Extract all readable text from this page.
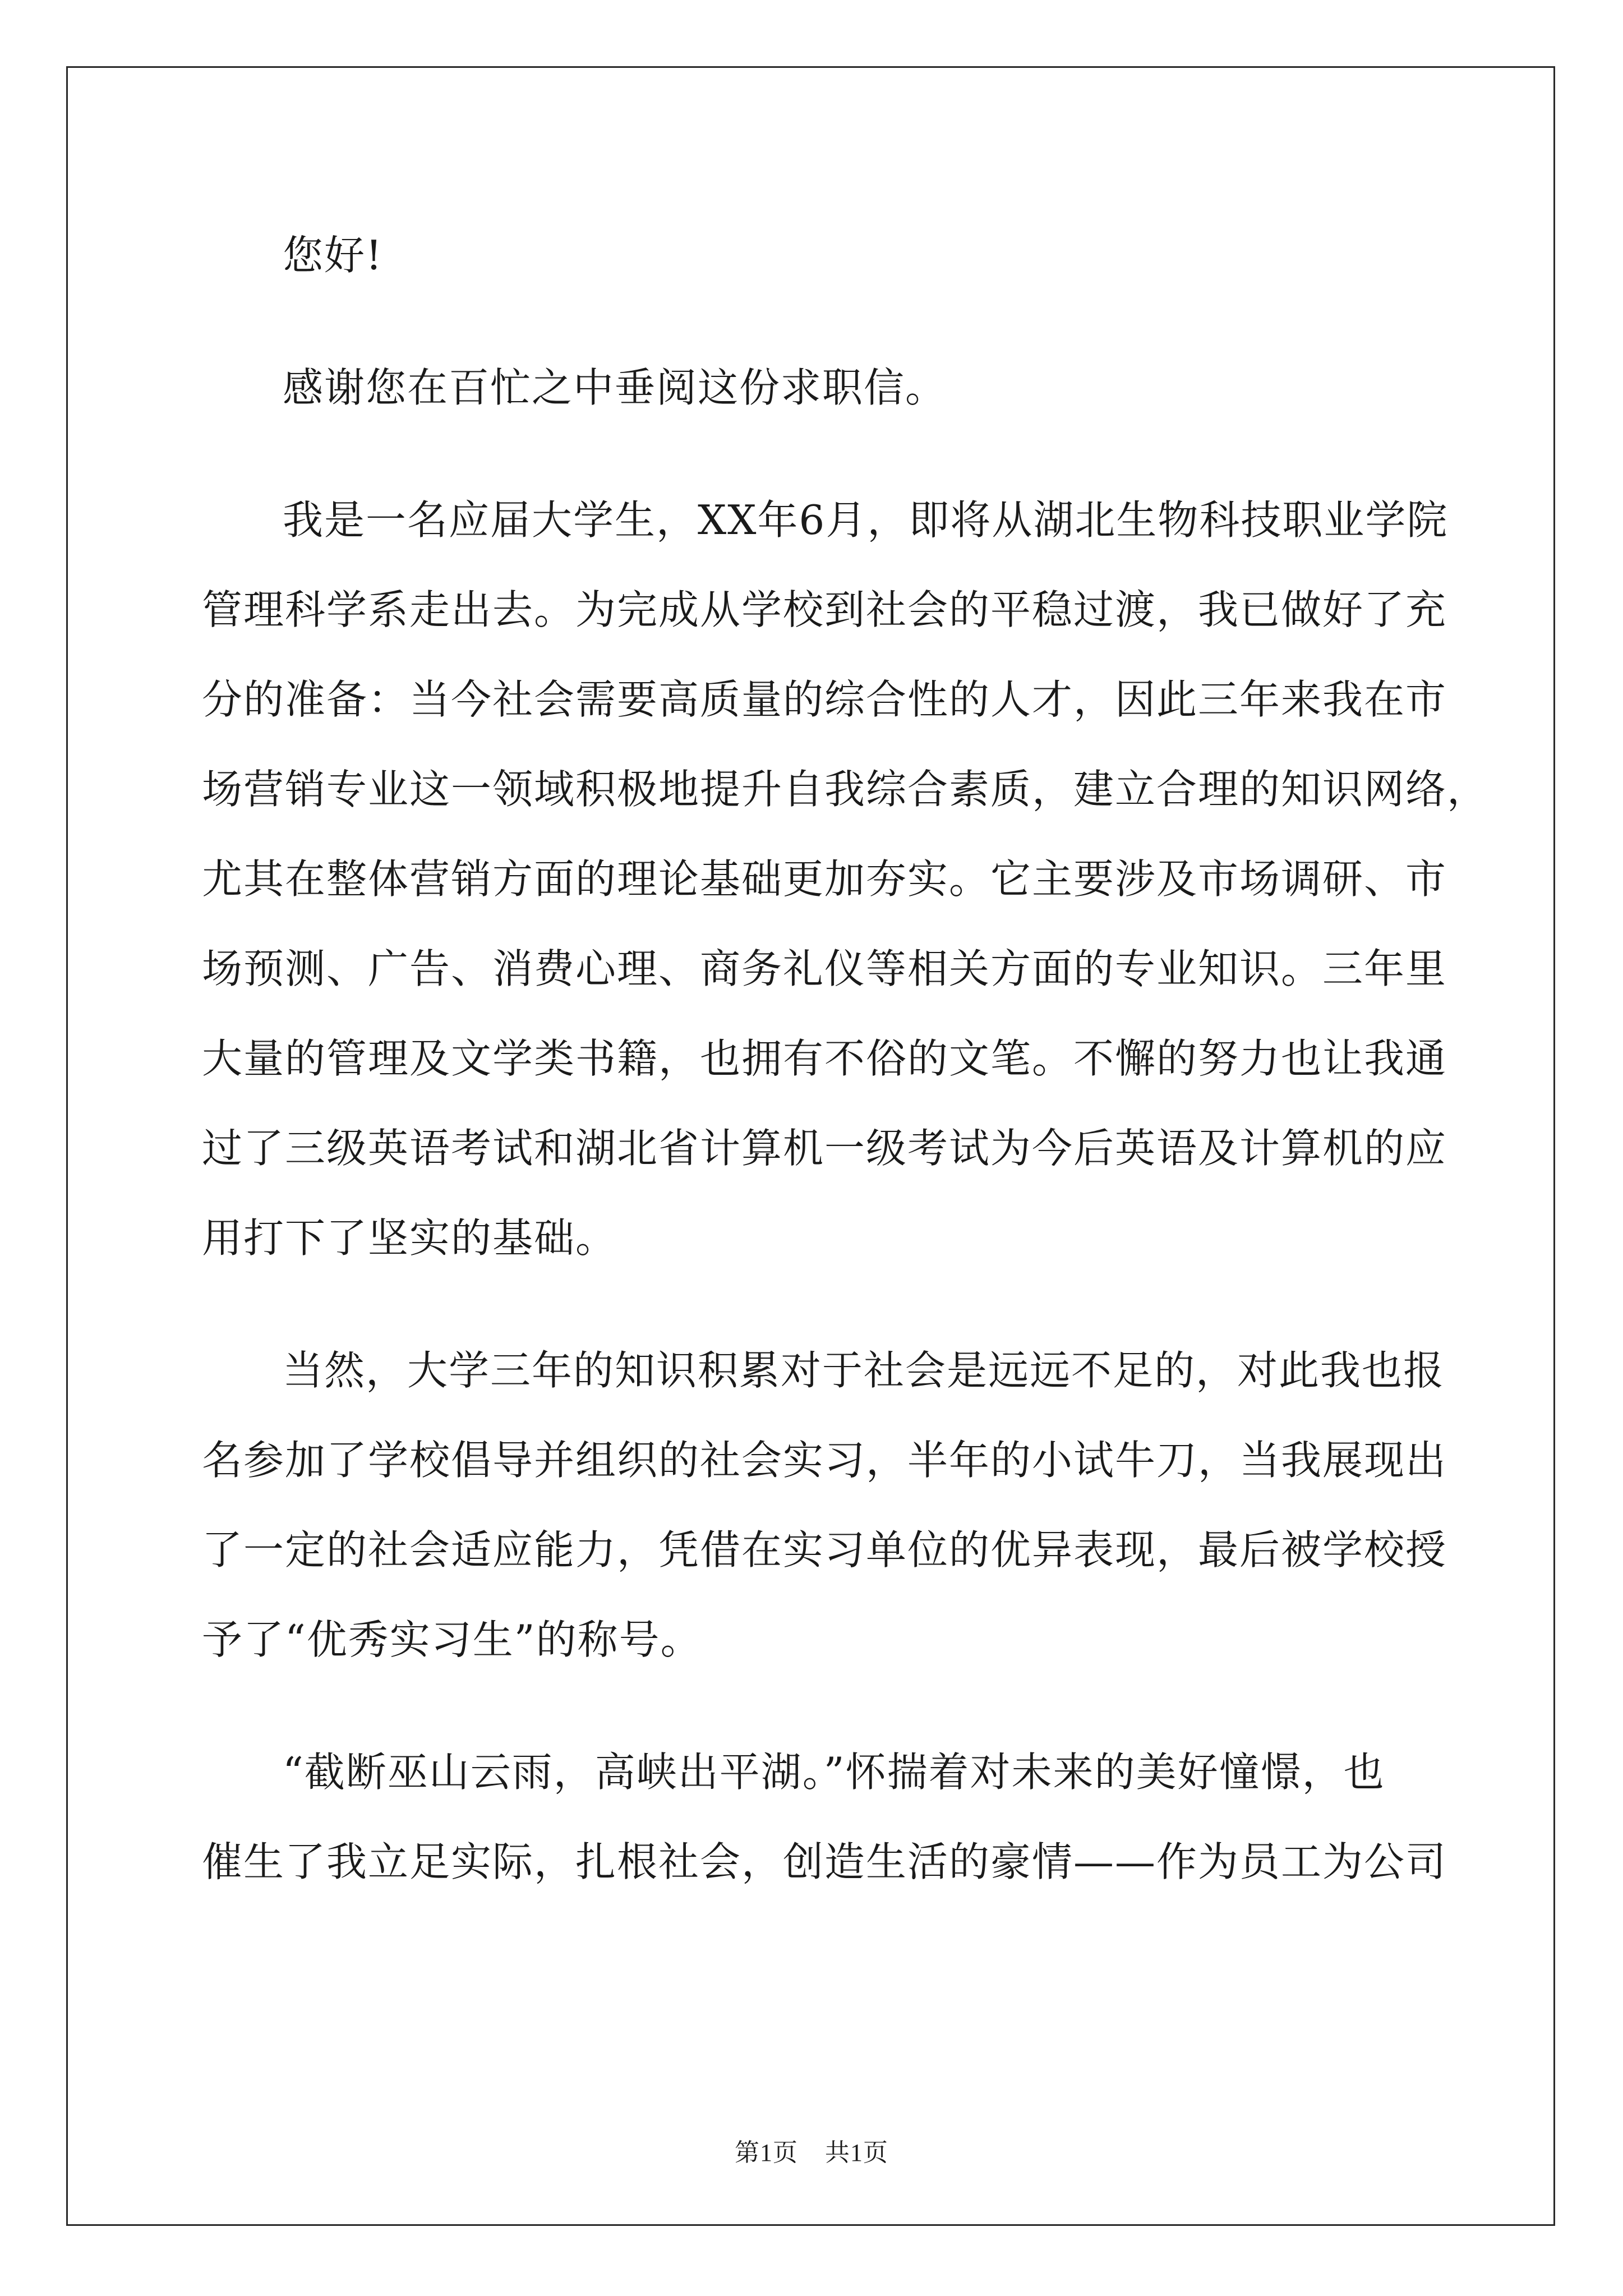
您好!

感谢您在百忙之中垂阅这份求职信。

我是一名应届大学生，XX年6月，即将从湖北生物科技职业学院
管理科学系走出去。为完成从学校到社会的平稳过渡，我已做好了充
分的准备：当今社会需要高质量的综合性的人才，因此三年来我在市
场营销专业这一领域积极地提升自我综合素质，建立合理的知识网络，
尤其在整体营销方面的理论基础更加夯实。它主要涉及市场调研、市
场预测、广告、消费心理、商务礼仪等相关方面的专业知识。三年里
大量的管理及文学类书籍，也拥有不俗的文笔。不懈的努力也让我通
过了三级英语考试和湖北省计算机一级考试为今后英语及计算机的应
用打下了坚实的基础。

当然，大学三年的知识积累对于社会是远远不足的，对此我也报
名参加了学校倡导并组织的社会实习，半年的小试牛刀，当我展现出
了一定的社会适应能力，凭借在实习单位的优异表现，最后被学校授
予了“优秀实习生”的称号。

“截断巫山云雨，高峡出平湖。”怀揣着对未来的美好憧憬，也
催生了我立足实际，扎根社会，创造生活的豪情——作为员工为公司

第1页 共1页
